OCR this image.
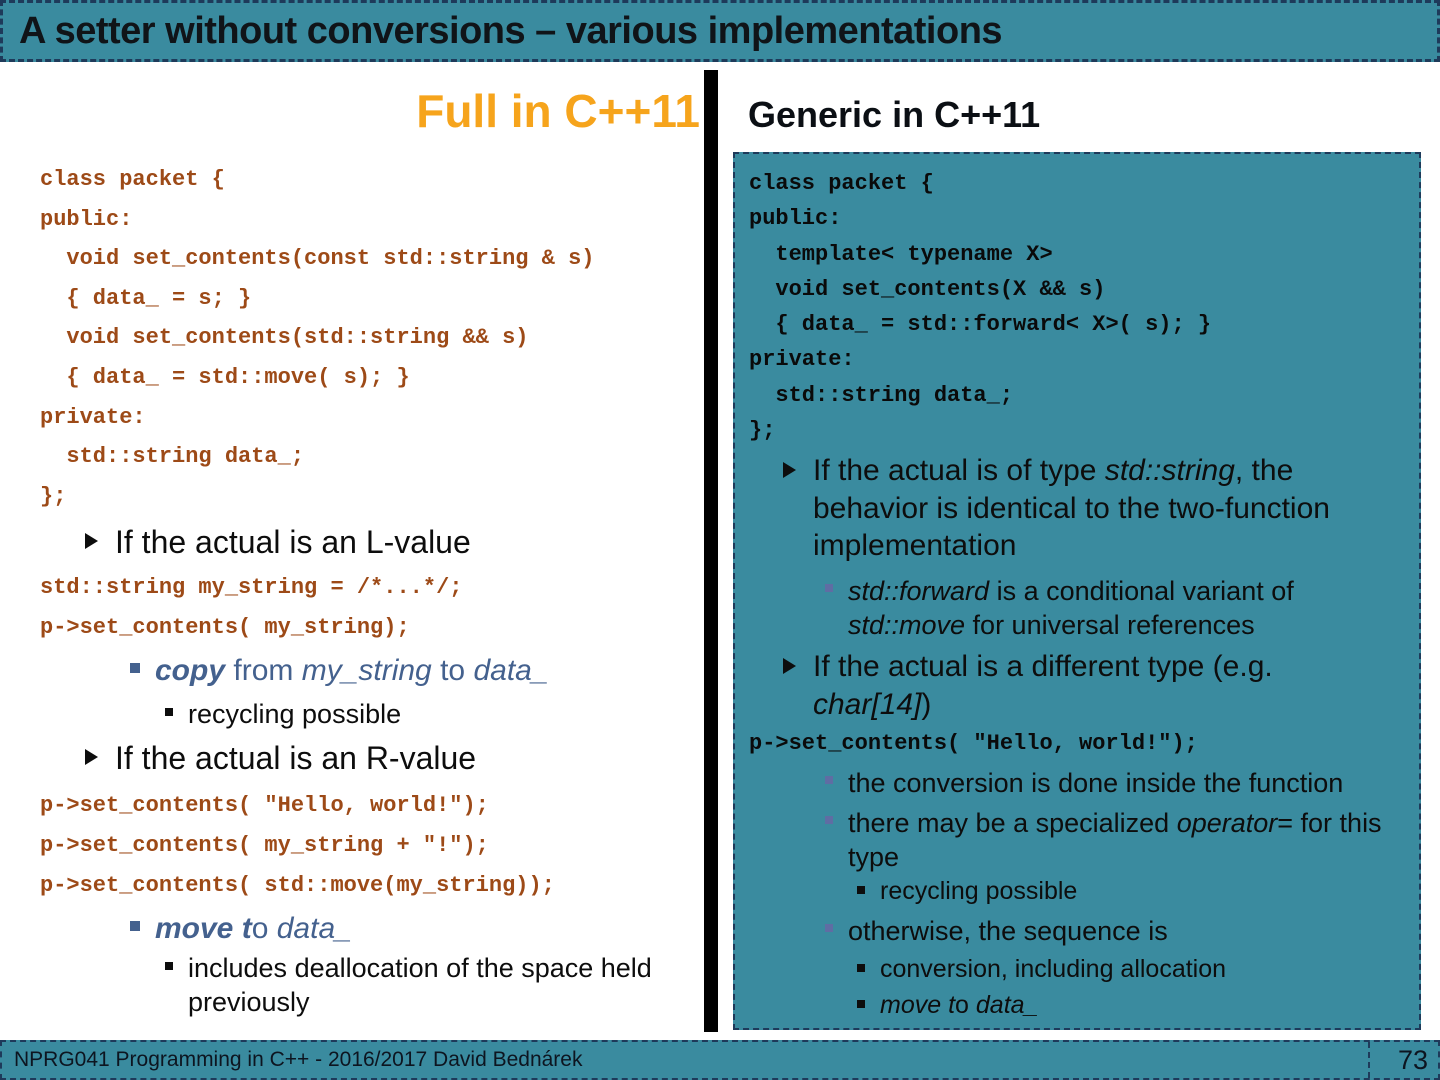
A setter without conversions – various implementations
Full in C++11
class packet {
public:
void set_contents(const std::string & s)
{ data_ = s; }
void set_contents(std::string && s)
{ data_ = std::move( s); }
private:
std::string data_;
};
If the actual is an L-value
std::string my_string = /*...*/;
p->set_contents( my_string);
copy from my_string to data_
recycling possible
If the actual is an R-value
p->set_contents( "Hello, world!");
p->set_contents( my_string + "!");
p->set_contents( std::move(my_string));
move to data_
includes deallocation of the space held previously
Generic in C++11
class packet {
public:
template< typename X>
void set_contents(X && s)
{ data_ = std::forward< X>( s); }
private:
std::string data_;
};
If the actual is of type std::string, the behavior is identical to the two-function implementation
std::forward is a conditional variant of std::move for universal references
If the actual is a different type (e.g. char[14])
p->set_contents( "Hello, world!");
the conversion is done inside the function
there may be a specialized operator= for this type
recycling possible
otherwise, the sequence is
conversion, including allocation
move to data_
NPRG041 Programming in C++ - 2016/2017 David Bednárek	73
